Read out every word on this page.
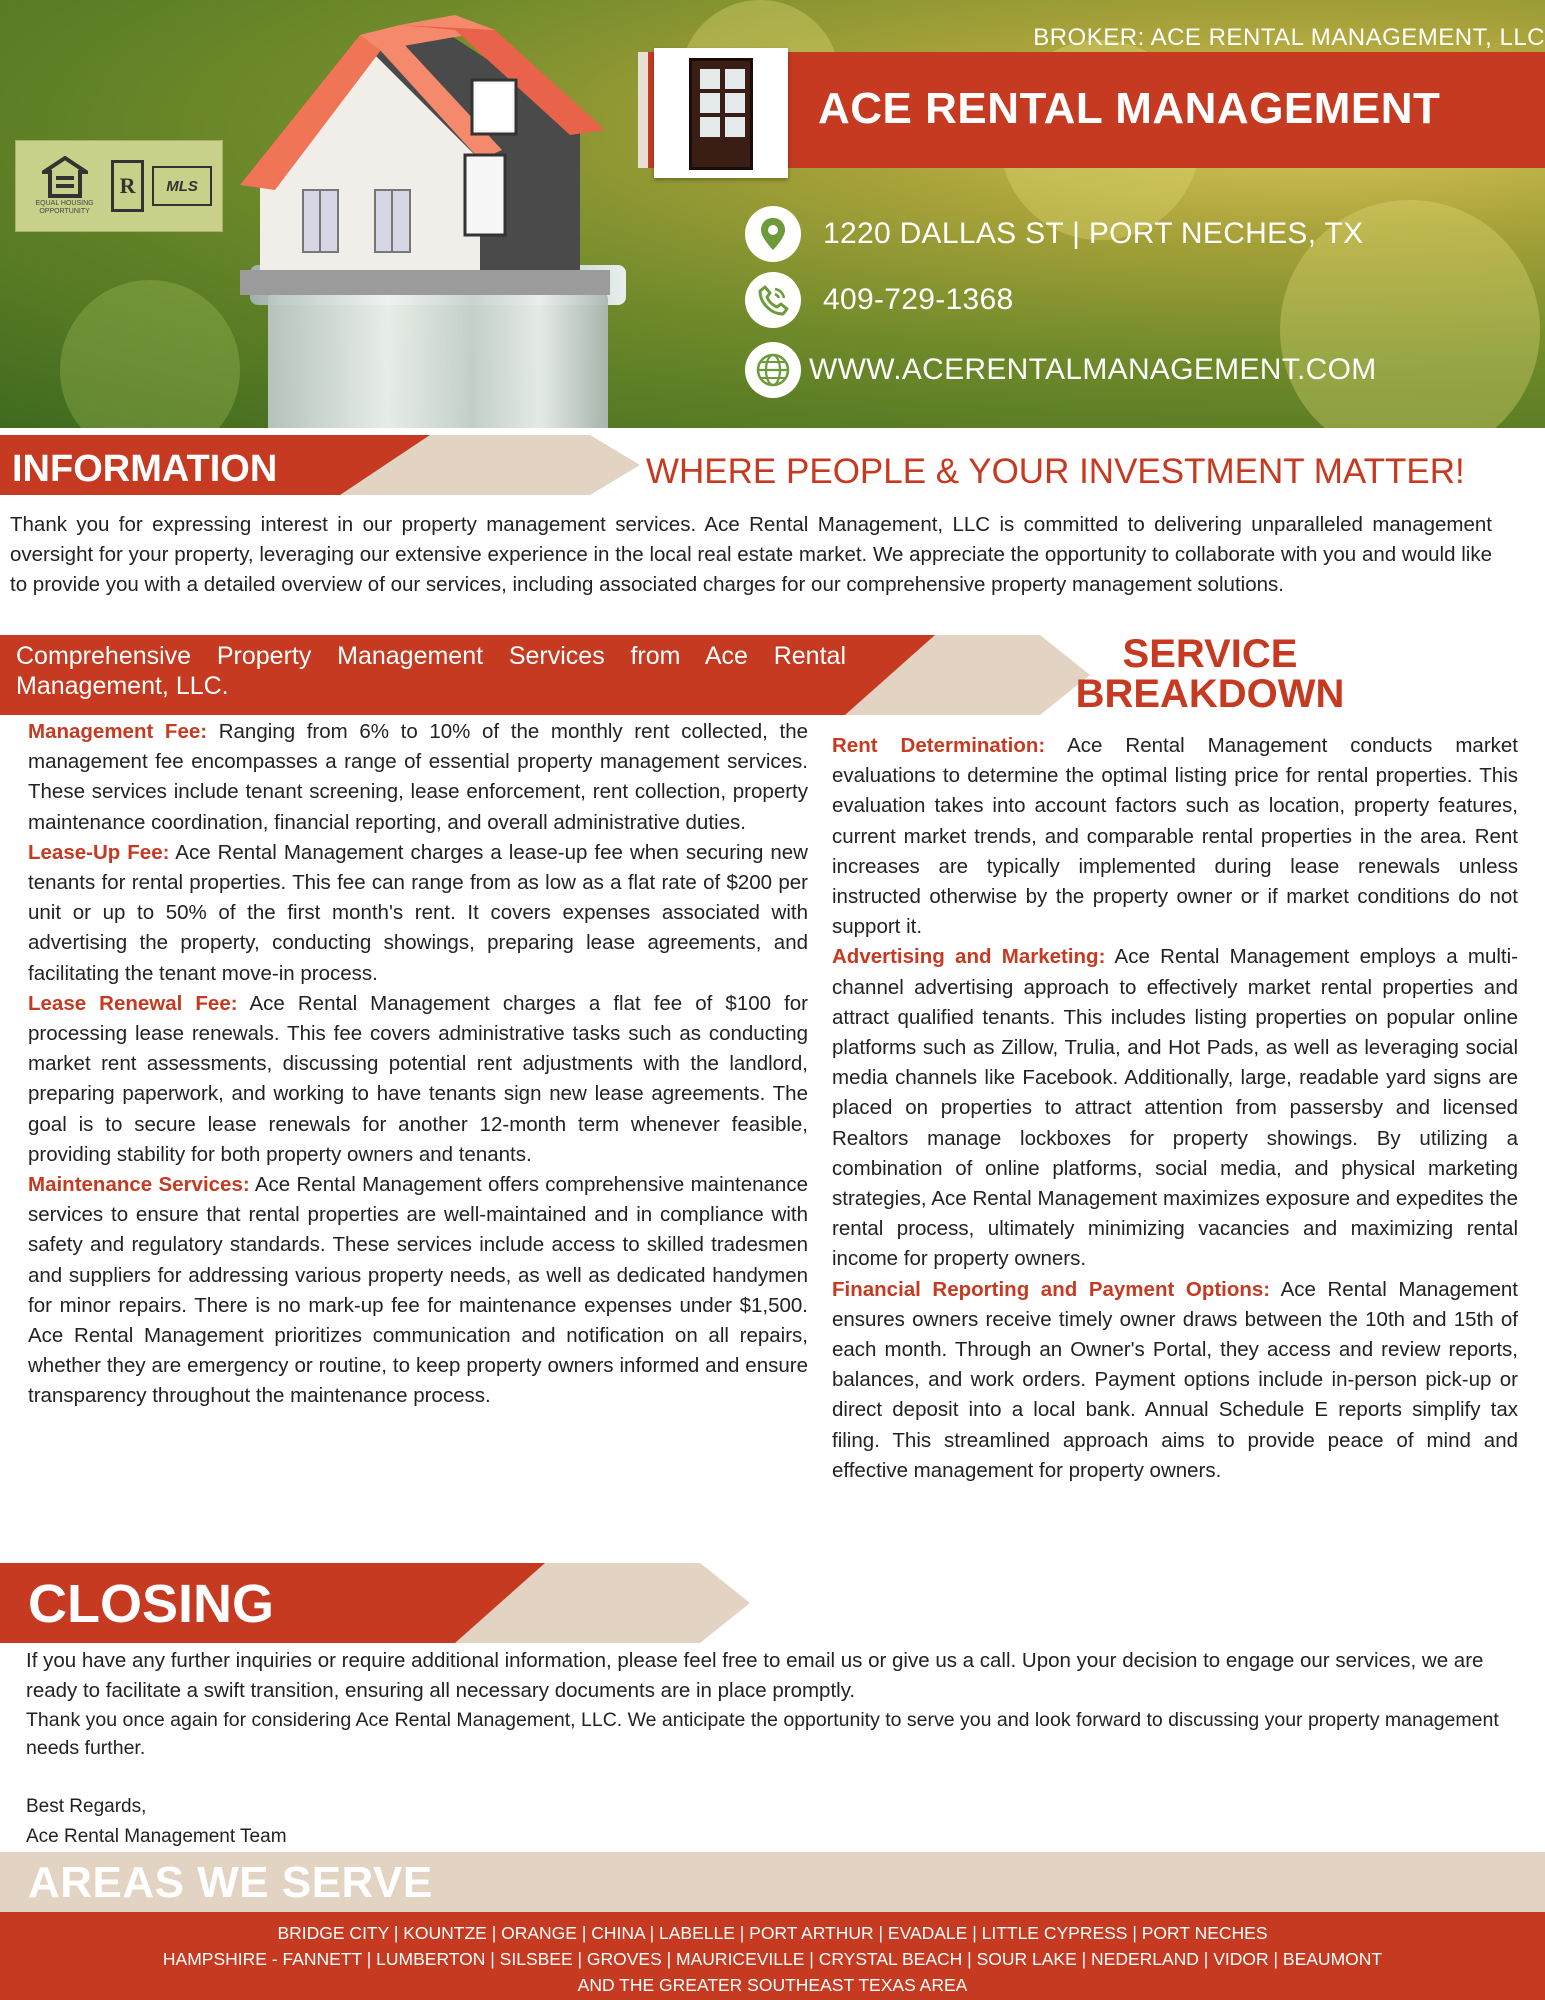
EQUAL HOUSING OPPORTUNITY
R	MLS
BROKER: ACE RENTAL MANAGEMENT, LLC
ACE RENTAL MANAGEMENT
1220 DALLAS ST | PORT NECHES, TX
409-729-1368
WWW.ACERENTALMANAGEMENT.COM
INFORMATION	WHERE PEOPLE & YOUR INVESTMENT MATTER!
Thank you for expressing interest in our property management services. Ace Rental Management, LLC is committed to delivering unparalleled management oversight for your property, leveraging our extensive experience in the local real estate market. We appreciate the opportunity to collaborate with you and would like to provide you with a detailed overview of our services, including associated charges for our comprehensive property management solutions.
Comprehensive Property Management Services from Ace Rental Management, LLC.
SERVICE
BREAKDOWN

Management Fee: Ranging from 6% to 10% of the monthly rent collected, the management fee encompasses a range of essential property management services. These services include tenant screening, lease enforcement, rent collection, property maintenance coordination, financial reporting, and overall administrative duties.

Lease-Up Fee: Ace Rental Management charges a lease-up fee when securing new tenants for rental properties. This fee can range from as low as a flat rate of $200 per unit or up to 50% of the first month's rent. It covers expenses associated with advertising the property, conducting showings, preparing lease agreements, and facilitating the tenant move-in process.

Lease Renewal Fee: Ace Rental Management charges a flat fee of $100 for processing lease renewals. This fee covers administrative tasks such as conducting market rent assessments, discussing potential rent adjustments with the landlord, preparing paperwork, and working to have tenants sign new lease agreements. The goal is to secure lease renewals for another 12-month term whenever feasible, providing stability for both property owners and tenants.

Maintenance Services: Ace Rental Management offers comprehensive maintenance services to ensure that rental properties are well-maintained and in compliance with safety and regulatory standards. These services include access to skilled tradesmen and suppliers for addressing various property needs, as well as dedicated handymen for minor repairs. There is no mark-up fee for maintenance expenses under $1,500. Ace Rental Management prioritizes communication and notification on all repairs, whether they are emergency or routine, to keep property owners informed and ensure transparency throughout the maintenance process.

Rent Determination: Ace Rental Management conducts market evaluations to determine the optimal listing price for rental properties. This evaluation takes into account factors such as location, property features, current market trends, and comparable rental properties in the area. Rent increases are typically implemented during lease renewals unless instructed otherwise by the property owner or if market conditions do not support it.

Advertising and Marketing: Ace Rental Management employs a multi-channel advertising approach to effectively market rental properties and attract qualified tenants. This includes listing properties on popular online platforms such as Zillow, Trulia, and Hot Pads, as well as leveraging social media channels like Facebook. Additionally, large, readable yard signs are placed on properties to attract attention from passersby and licensed Realtors manage lockboxes for property showings. By utilizing a combination of online platforms, social media, and physical marketing strategies, Ace Rental Management maximizes exposure and expedites the rental process, ultimately minimizing vacancies and maximizing rental income for property owners.

Financial Reporting and Payment Options: Ace Rental Management ensures owners receive timely owner draws between the 10th and 15th of each month. Through an Owner's Portal, they access and review reports, balances, and work orders. Payment options include in-person pick-up or direct deposit into a local bank. Annual Schedule E reports simplify tax filing. This streamlined approach aims to provide peace of mind and effective management for property owners.

CLOSING

If you have any further inquiries or require additional information, please feel free to email us or give us a call. Upon your decision to engage our services, we are ready to facilitate a swift transition, ensuring all necessary documents are in place promptly.

Thank you once again for considering Ace Rental Management, LLC. We anticipate the opportunity to serve you and look forward to discussing your property management needs further.

Best Regards,
Ace Rental Management Team
AREAS WE SERVE
BRIDGE CITY | KOUNTZE | ORANGE | CHINA | LABELLE | PORT ARTHUR | EVADALE | LITTLE CYPRESS | PORT NECHES
HAMPSHIRE - FANNETT | LUMBERTON | SILSBEE | GROVES | MAURICEVILLE | CRYSTAL BEACH | SOUR LAKE | NEDERLAND | VIDOR | BEAUMONT
AND THE GREATER SOUTHEAST TEXAS AREA
